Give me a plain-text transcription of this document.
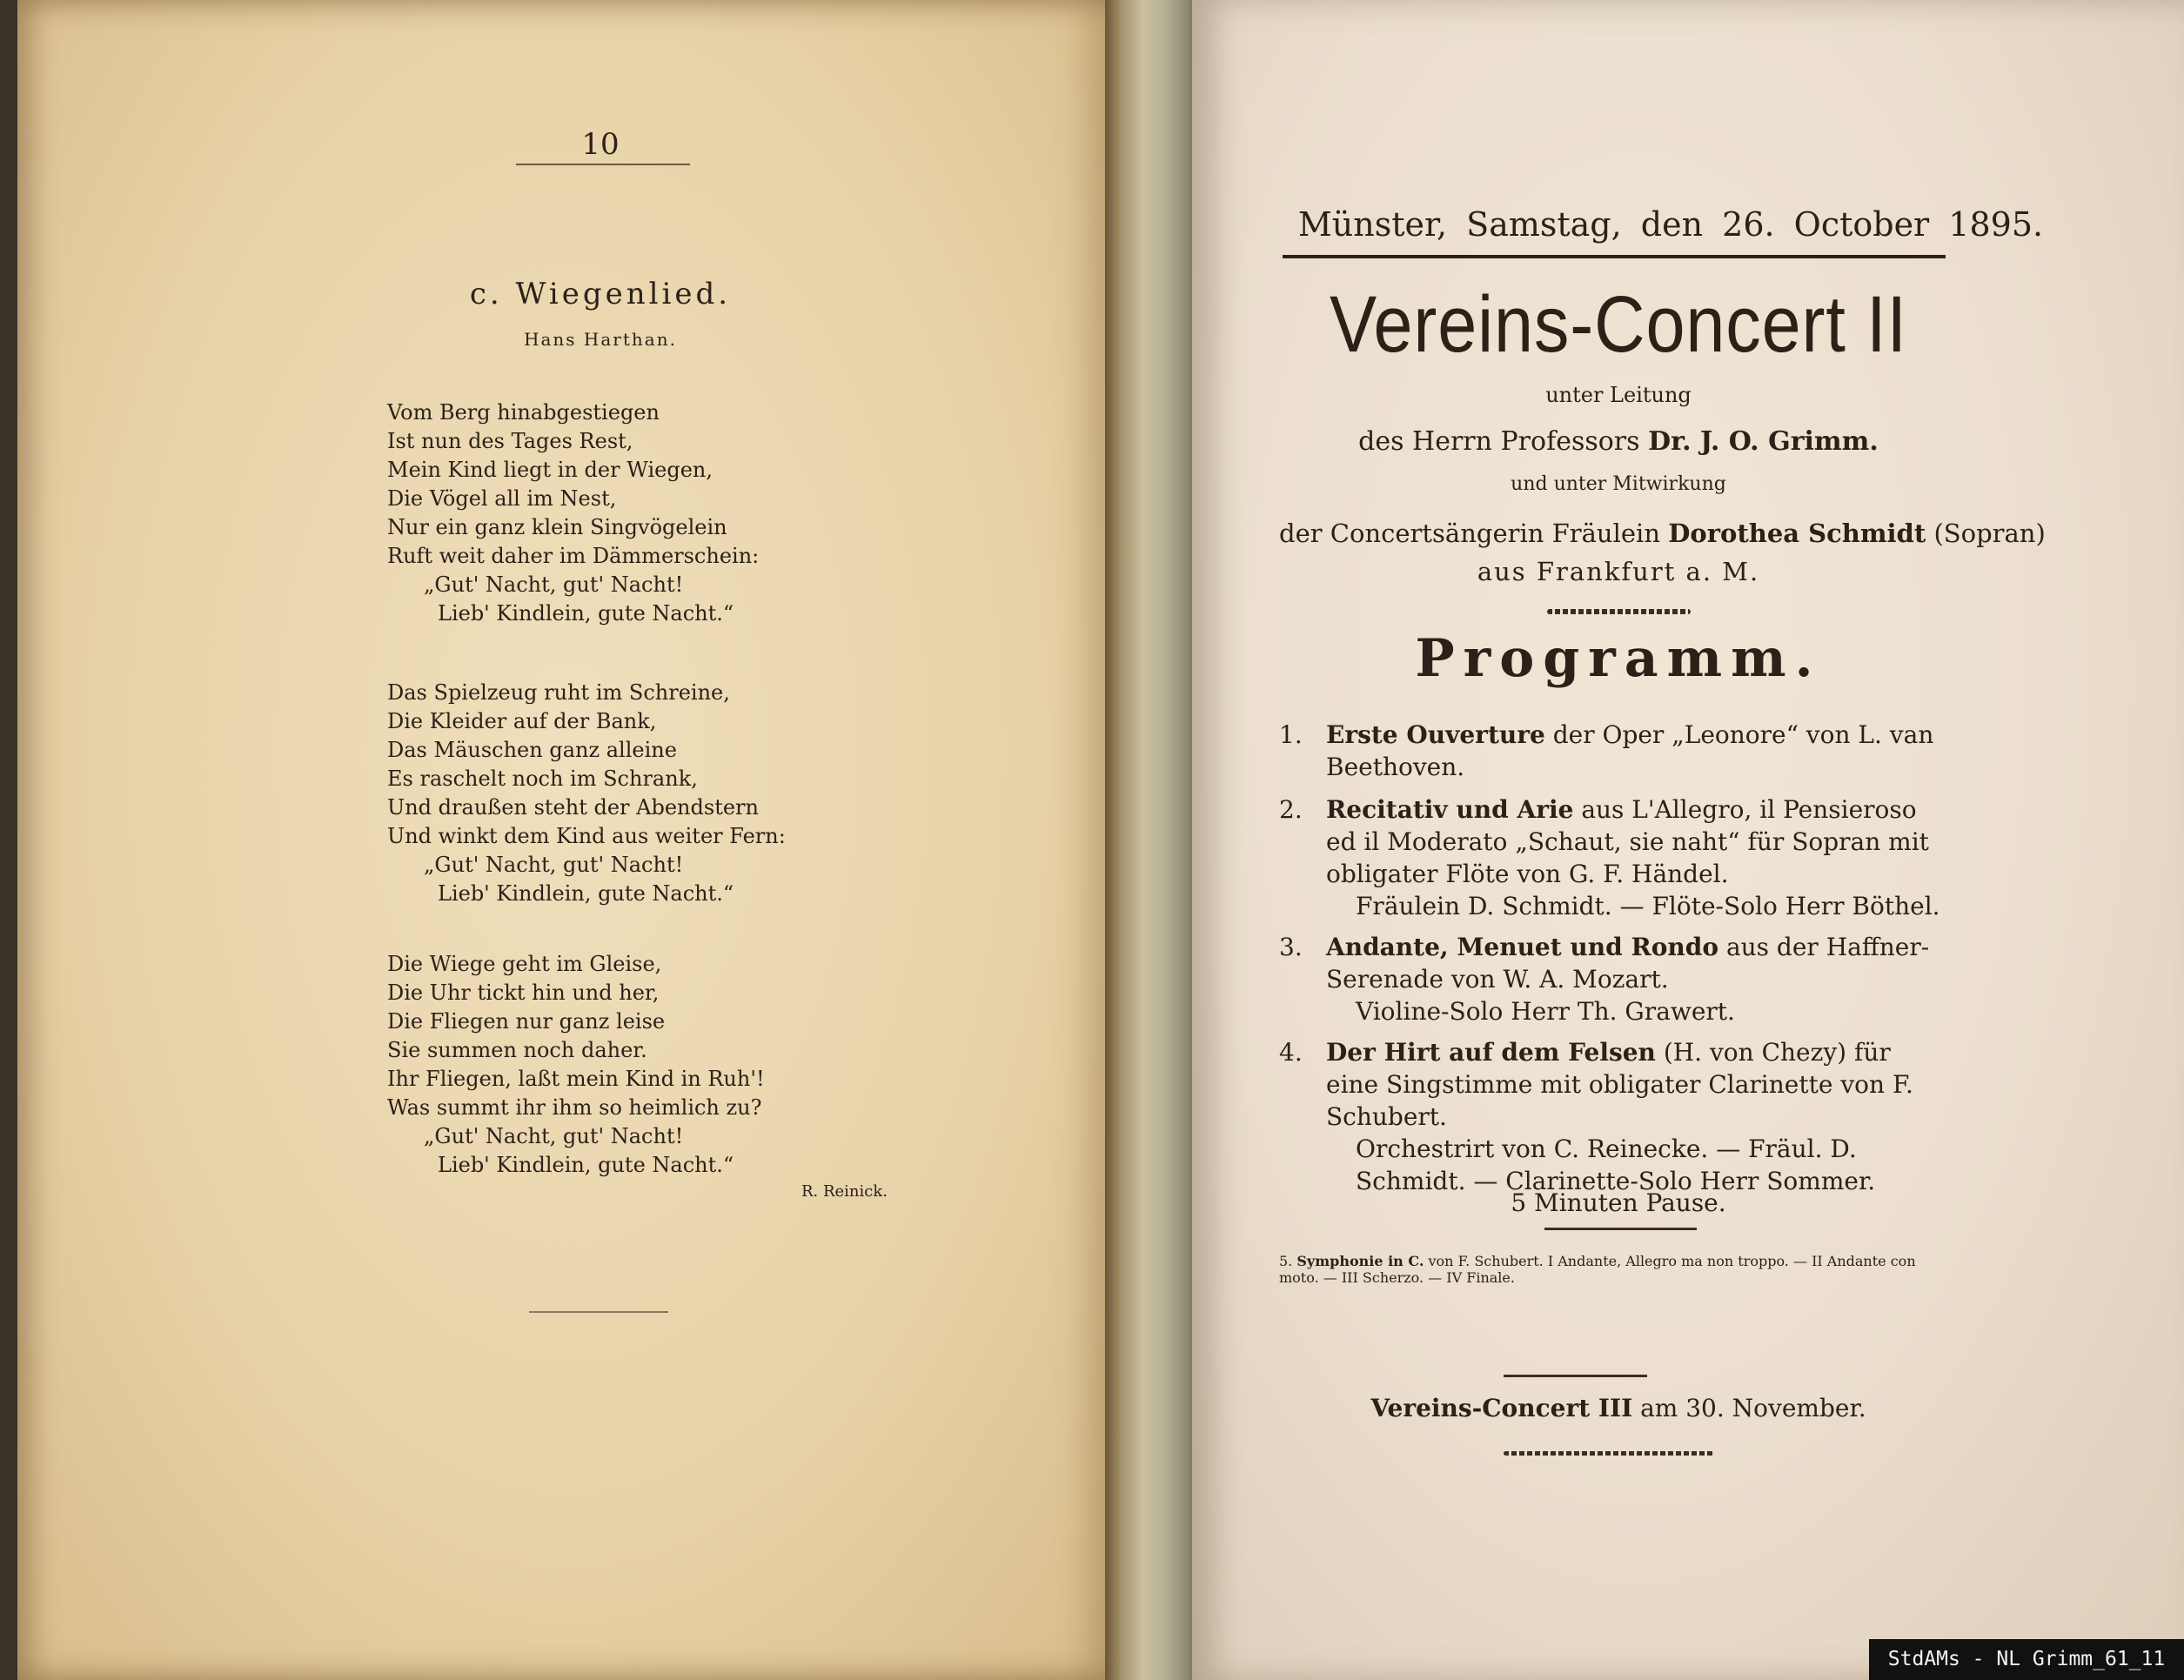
10
c. Wiegenlied.
Hans Harthan.
Vom Berg hinabgestiegen
Ist nun des Tages Rest,
Mein Kind liegt in der Wiegen,
Die Vögel all im Nest,
Nur ein ganz klein Singvögelein
Ruft weit daher im Dämmerschein:
„Gut' Nacht, gut' Nacht!
Lieb' Kindlein, gute Nacht.“
Das Spielzeug ruht im Schreine,
Die Kleider auf der Bank,
Das Mäuschen ganz alleine
Es raschelt noch im Schrank,
Und draußen steht der Abendstern
Und winkt dem Kind aus weiter Fern:
„Gut' Nacht, gut' Nacht!
Lieb' Kindlein, gute Nacht.“
Die Wiege geht im Gleise,
Die Uhr tickt hin und her,
Die Fliegen nur ganz leise
Sie summen noch daher.
Ihr Fliegen, laßt mein Kind in Ruh'!
Was summt ihr ihm so heimlich zu?
„Gut' Nacht, gut' Nacht!
Lieb' Kindlein, gute Nacht.“
R. Reinick.
Münster, Samstag, den 26. October 1895.
Vereins-Concert II
unter Leitung
des Herrn Professors Dr. J. O. Grimm.
und unter Mitwirkung
der Concertsängerin Fräulein Dorothea Schmidt (Sopran)
aus Frankfurt a. M.
Programm.
1. Erste Ouverture der Oper „Leonore“ von L. van Beethoven.
2. Recitativ und Arie aus L'Allegro, il Pensieroso ed il Moderato „Schaut, sie naht“ für Sopran mit obligater Flöte von G. F. Händel.
Fräulein D. Schmidt. — Flöte-Solo Herr Böthel.
3. Andante, Menuet und Rondo aus der Haffner-Serenade von W. A. Mozart.
Violine-Solo Herr Th. Grawert.
4. Der Hirt auf dem Felsen (H. von Chezy) für eine Singstimme mit obligater Clarinette von F. Schubert.
Orchestrirt von C. Reinecke. — Fräul. D. Schmidt. — Clarinette-Solo Herr Sommer.
5 Minuten Pause.
5. Symphonie in C. von F. Schubert. I Andante, Allegro ma non troppo. — II Andante con moto. — III Scherzo. — IV Finale.
Vereins-Concert III am 30. November.
StdAMs - NL Grimm_61_11
